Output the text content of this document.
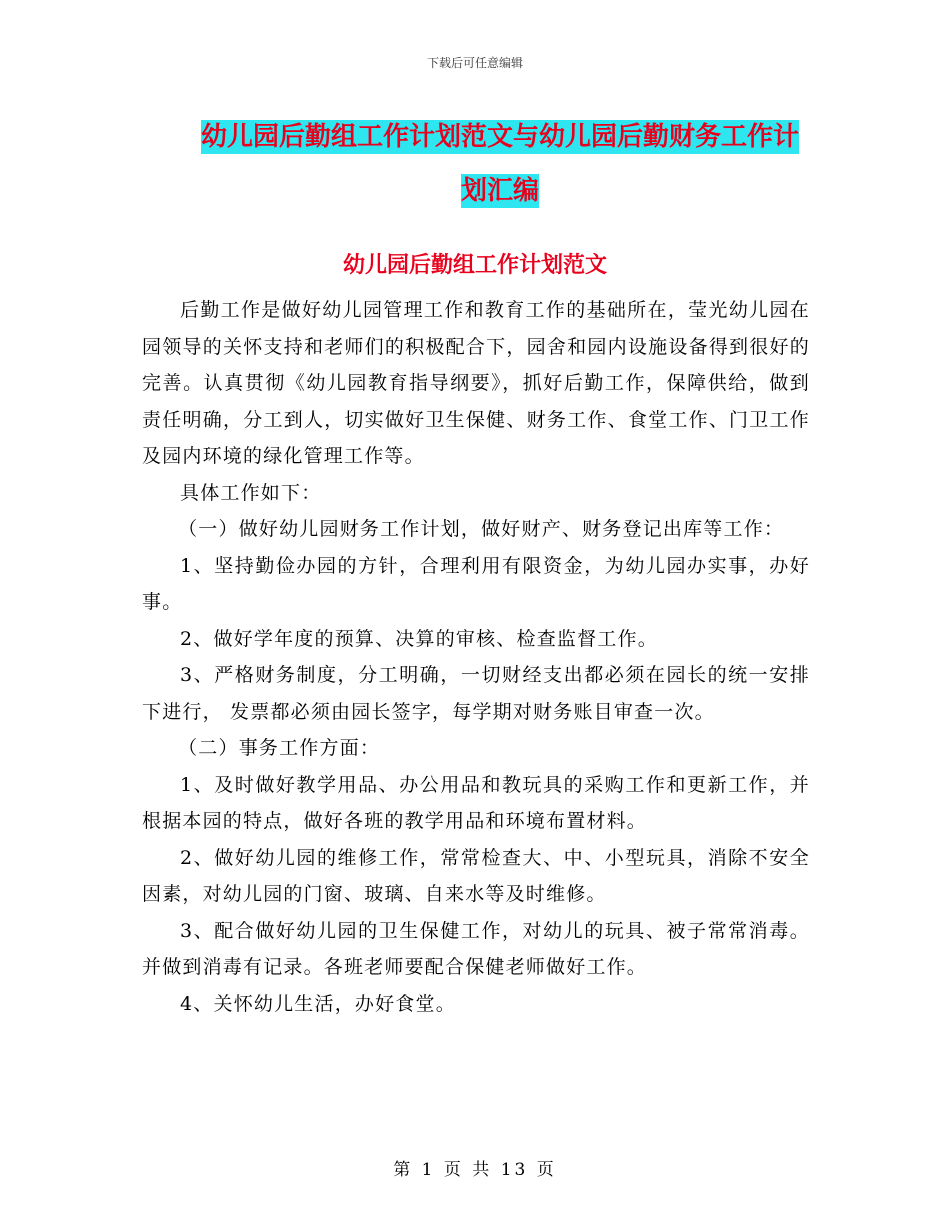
下载后可任意编辑
幼儿园后勤组工作计划范文与幼儿园后勤财务工作计
划汇编
幼儿园后勤组工作计划范文

后勤工作是做好幼儿园管理工作和教育工作的基础所在，莹光幼儿园在园领导的关怀支持和老师们的积极配合下，园舍和园内设施设备得到很好的完善。认真贯彻《幼儿园教育指导纲要》，抓好后勤工作，保障供给，做到责任明确，分工到人，切实做好卫生保健、财务工作、食堂工作、门卫工作及园内环境的绿化管理工作等。

具体工作如下：

（一）做好幼儿园财务工作计划，做好财产、财务登记出库等工作：

1、坚持勤俭办园的方针，合理利用有限资金，为幼儿园办实事，办好事。

2、做好学年度的预算、决算的审核、检查监督工作。

3、严格财务制度，分工明确，一切财经支出都必须在园长的统一安排下进行， 发票都必须由园长签字，每学期对财务账目审查一次。

（二）事务工作方面：

1、及时做好教学用品、办公用品和教玩具的采购工作和更新工作，并根据本园的特点，做好各班的教学用品和环境布置材料。

2、做好幼儿园的维修工作，常常检查大、中、小型玩具，消除不安全因素，对幼儿园的门窗、玻璃、自来水等及时维修。

3、配合做好幼儿园的卫生保健工作，对幼儿的玩具、被子常常消毒。并做到消毒有记录。各班老师要配合保健老师做好工作。

4、关怀幼儿生活，办好食堂。

第 1 页 共 13 页
